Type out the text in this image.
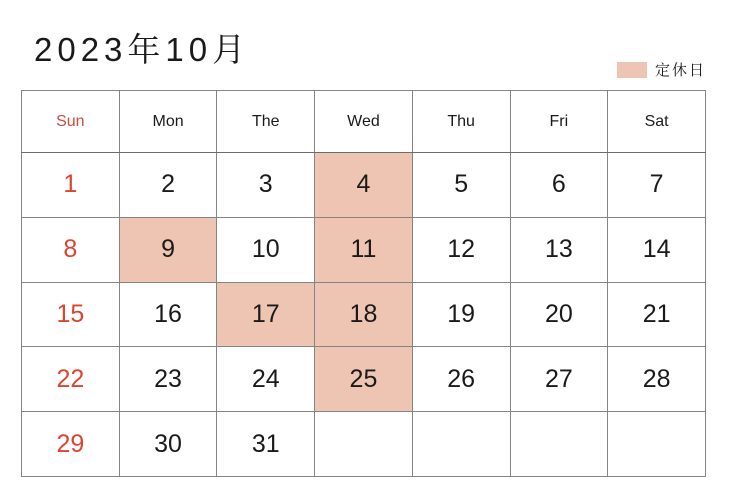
2023年10月
定休日
Sun	Mon	The	Wed	Thu	Fri	Sat
1	2	3	4	5	6	7
8	9	10	11	12	13	14
15	16	17	18	19	20	21
22	23	24	25	26	27	28
29	30	31				
